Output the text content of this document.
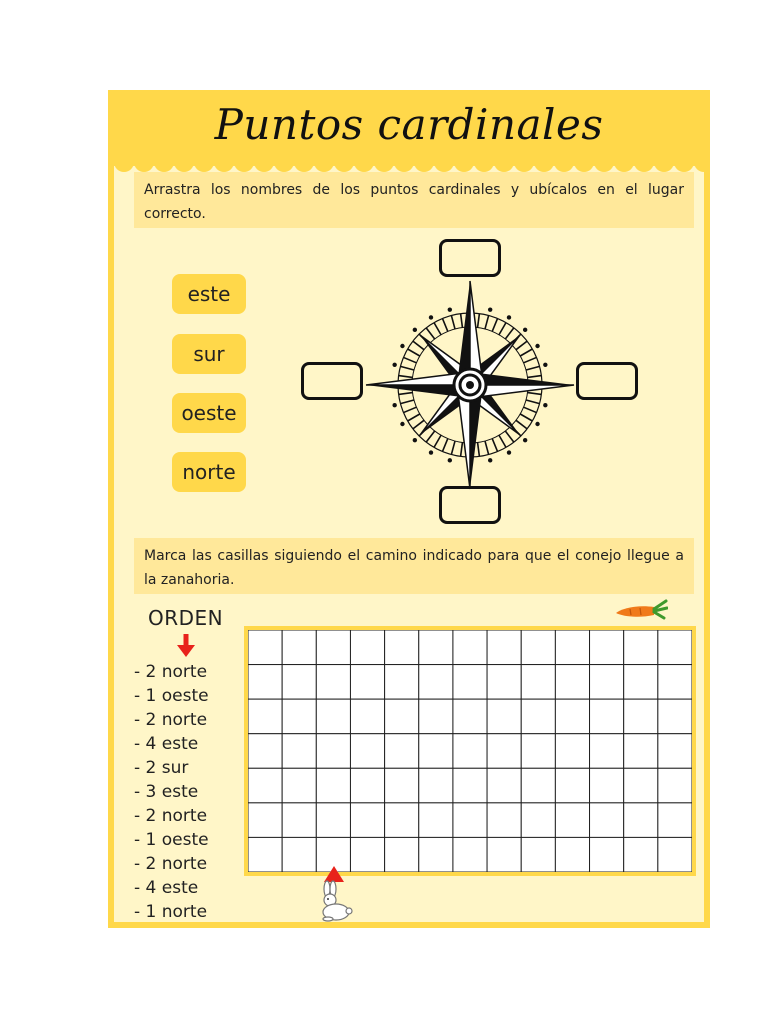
Puntos cardinales
Arrastra los nombres de los puntos cardinales y ubícalos en el lugar correcto.
este
sur
oeste
norte
Marca las casillas siguiendo el camino indicado para que el conejo llegue a la zanahoria.
ORDEN
- 2 norte
- 1 oeste
- 2 norte
- 4 este
- 2 sur
- 3 este
- 2 norte
- 1 oeste
- 2 norte
- 4 este
- 1 norte
